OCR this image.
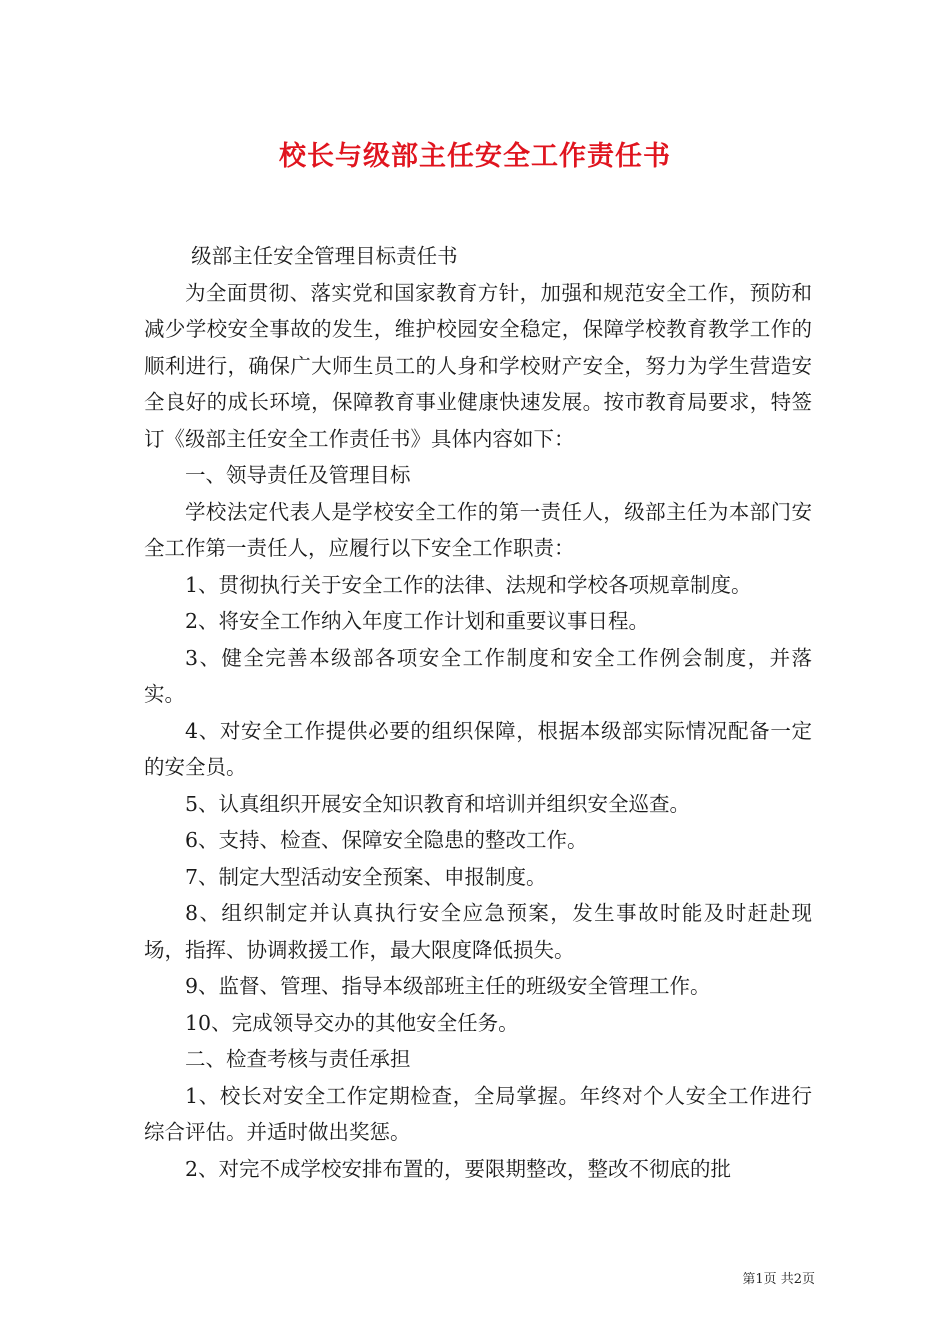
校长与级部主任安全工作责任书

级部主任安全管理目标责任书

为全面贯彻、落实党和国家教育方针，加强和规范安全工作，预防和减少学校安全事故的发生，维护校园安全稳定，保障学校教育教学工作的顺利进行，确保广大师生员工的人身和学校财产安全，努力为学生营造安全良好的成长环境，保障教育事业健康快速发展。按市教育局要求，特签订《级部主任安全工作责任书》具体内容如下：

一、领导责任及管理目标

学校法定代表人是学校安全工作的第一责任人，级部主任为本部门安全工作第一责任人，应履行以下安全工作职责：

1、贯彻执行关于安全工作的法律、法规和学校各项规章制度。

2、将安全工作纳入年度工作计划和重要议事日程。

3、健全完善本级部各项安全工作制度和安全工作例会制度，并落实。

4、对安全工作提供必要的组织保障，根据本级部实际情况配备一定的安全员。

5、认真组织开展安全知识教育和培训并组织安全巡查。

6、支持、检查、保障安全隐患的整改工作。

7、制定大型活动安全预案、申报制度。

8、组织制定并认真执行安全应急预案，发生事故时能及时赶赴现场，指挥、协调救援工作，最大限度降低损失。

9、监督、管理、指导本级部班主任的班级安全管理工作。

10、完成领导交办的其他安全任务。

二、检查考核与责任承担

1、校长对安全工作定期检查，全局掌握。年终对个人安全工作进行综合评估。并适时做出奖惩。

2、对完不成学校安排布置的，要限期整改，整改不彻底的批

第1页 共2页
